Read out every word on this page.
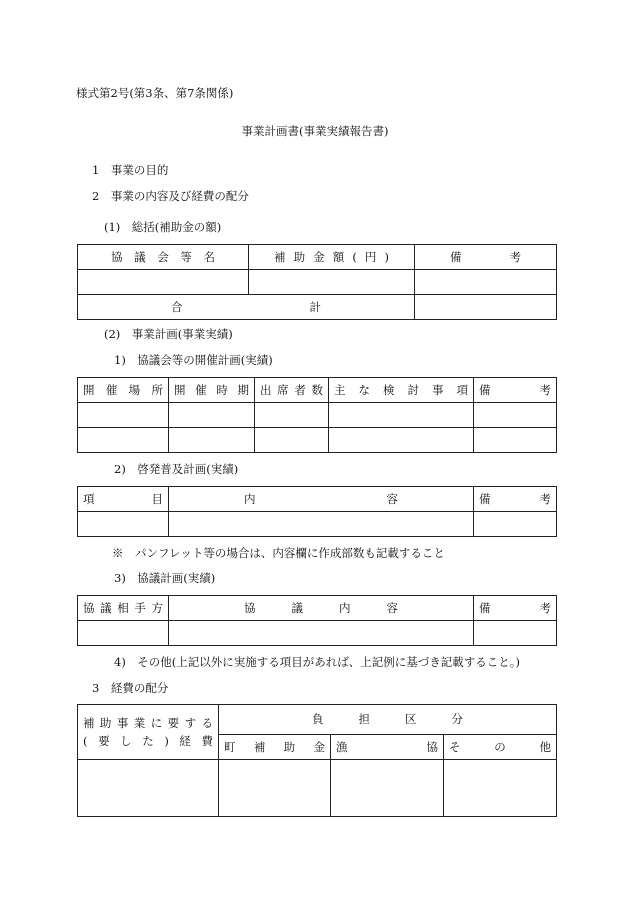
様式第2号(第3条、第7条関係)
事業計画書(事業実績報告書)
1　事業の目的
2　事業の内容及び経費の配分
(1)　総括(補助金の額)
協議会等名	補助金額(円)	備考

合計		

(2)　事業計画(事業実績)
1)　協議会等の開催計画(実績)
開催場所	開催時期	出席者数	主な検討事項	備考

2)　啓発普及計画(実績)
項目	内容	備考

※　パンフレット等の場合は、内容欄に作成部数も記載すること
3)　協議計画(実績)
協議相手方	協議内容	備考

4)　その他(上記以外に実施する項目があれば、上記例に基づき記載すること。)
3　経費の配分
補助事業に要する
(要した)経費	負担区分		

	町補助金	漁協	その他
